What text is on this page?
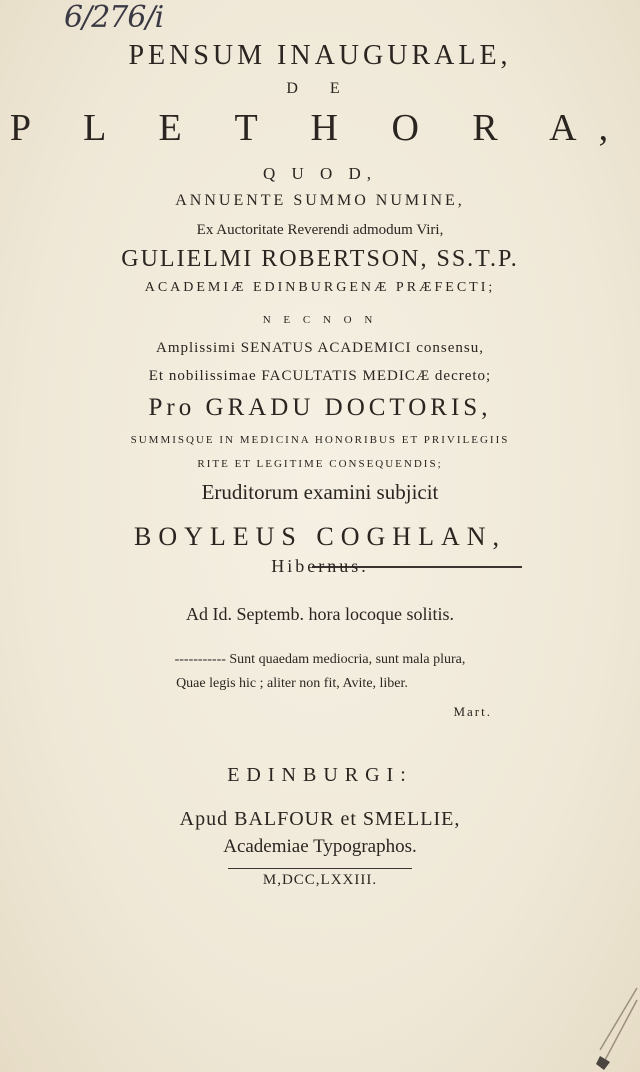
6/276/i
PENSUM INAUGURALE,
D E
P L E T H O R A,
Q U O D,
ANNUENTE SUMMO NUMINE,
Ex Auctoritate Reverendi admodum Viri,
GULIELMI ROBERTSON, SS.T.P.
ACADEMIÆ EDINBURGENÆ PRÆFECTI;
N E C N O N
Amplissimi SENATUS ACADEMICI consensu,
Et nobilissimae FACULTATIS MEDICÆ decreto;
Pro GRADU DOCTORIS,
SUMMISQUE IN MEDICINA HONORIBUS ET PRIVILEGIIS
RITE ET LEGITIME CONSEQUENDIS;
Eruditorum examini subjicit
BOYLEUS COGHLAN,
Hibernus.
Ad Id. Septemb. hora locoque solitis.
----------- Sunt quaedam mediocria, sunt mala plura,
Quae legis hic ; aliter non fit, Avite, liber.
Mart.
EDINBURGI:
Apud BALFOUR et SMELLIE,
Academiae Typographos.
M,DCC,LXXIII.
